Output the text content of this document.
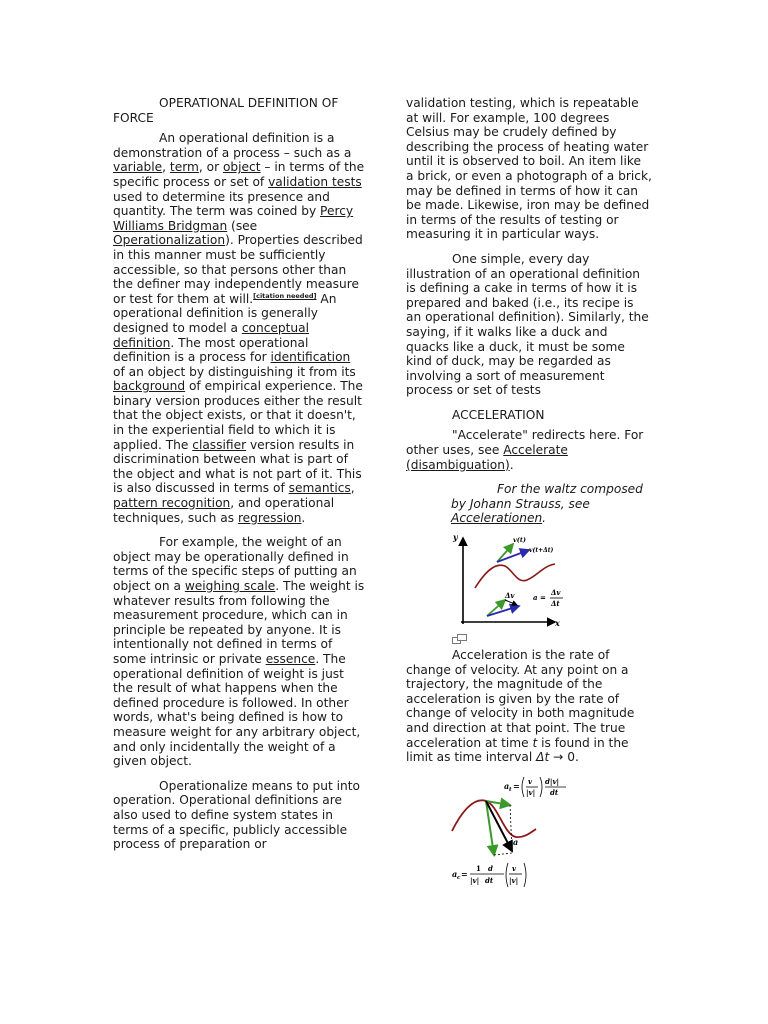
OPERATIONAL DEFINITION OF FORCE

An operational definition is a demonstration of a process – such as a variable, term, or object – in terms of the specific process or set of validation tests used to determine its presence and quantity. The term was coined by Percy Williams Bridgman (see Operationalization). Properties described in this manner must be sufficiently accessible, so that persons other than the definer may independently measure or test for them at will.[citation needed] An operational definition is generally designed to model a conceptual definition. The most operational definition is a process for identification of an object by distinguishing it from its background of empirical experience. The binary version produces either the result that the object exists, or that it doesn't, in the experiential field to which it is applied. The classifier version results in discrimination between what is part of the object and what is not part of it. This is also discussed in terms of semantics, pattern recognition, and operational techniques, such as regression.

For example, the weight of an object may be operationally defined in terms of the specific steps of putting an object on a weighing scale. The weight is whatever results from following the measurement procedure, which can in principle be repeated by anyone. It is intentionally not defined in terms of some intrinsic or private essence. The operational definition of weight is just the result of what happens when the defined procedure is followed. In other words, what's being defined is how to measure weight for any arbitrary object, and only incidentally the weight of a given object.

Operationalize means to put into operation. Operational definitions are also used to define system states in terms of a specific, publicly accessible process of preparation or

validation testing, which is repeatable at will. For example, 100 degrees Celsius may be crudely defined by describing the process of heating water until it is observed to boil. An item like a brick, or even a photograph of a brick, may be defined in terms of how it can be made. Likewise, iron may be defined in terms of the results of testing or measuring it in particular ways.

One simple, every day illustration of an operational definition is defining a cake in terms of how it is prepared and baked (i.e., its recipe is an operational definition). Similarly, the saying, if it walks like a duck and quacks like a duck, it must be some kind of duck, may be regarded as involving a sort of measurement process or set of tests

ACCELERATION

"Accelerate" redirects here. For other uses, see Accelerate (disambiguation).

For the waltz composed by Johann Strauss, see Accelerationen.

y
x
v(t)
v(t+Δt)
Δv	a =
Δv
Δt

Acceleration is the rate of change of velocity. At any point on a trajectory, the magnitude of the acceleration is given by the rate of change of velocity in both magnitude and direction at that point. The true acceleration at time t is found in the limit as time interval Δt → 0.

a
a t = v
|v|
d|v|
dt
a c =
1 d
|v| dt
v
|v|
